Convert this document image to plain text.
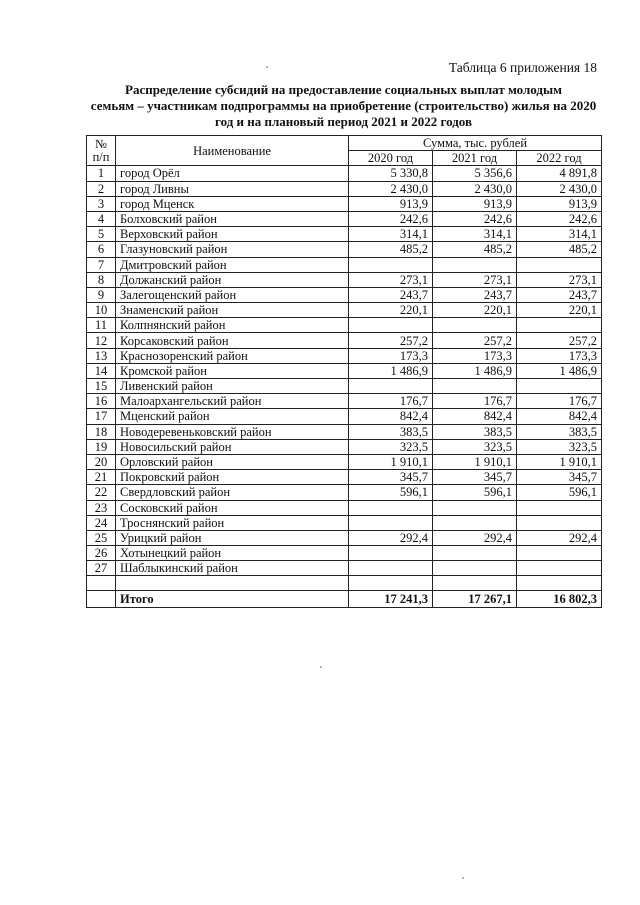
Таблица 6 приложения 18
Распределение субсидий на предоставление социальных выплат молодым
семьям – участникам подпрограммы на приобретение (строительство) жилья на 2020
год и на плановый период 2021 и 2022 годов
№
п/п	Наименование	Сумма, тыс. рублей		
		2020 год	2021 год	2022 год
1	город Орёл	5 330,8	5 356,6	4 891,8
2	город Ливны	2 430,0	2 430,0	2 430,0
3	город Мценск	913,9	913,9	913,9
4	Болховский район	242,6	242,6	242,6
5	Верховский район	314,1	314,1	314,1
6	Глазуновский район	485,2	485,2	485,2
7	Дмитровский район			
8	Должанский район	273,1	273,1	273,1
9	Залегощенский район	243,7	243,7	243,7
10	Знаменский район	220,1	220,1	220,1
11	Колпнянский район			
12	Корсаковский район	257,2	257,2	257,2
13	Краснозоренский район	173,3	173,3	173,3
14	Кромской район	1 486,9	1 486,9	1 486,9
15	Ливенский район			
16	Малоархангельский район	176,7	176,7	176,7
17	Мценский район	842,4	842,4	842,4
18	Новодеревеньковский район	383,5	383,5	383,5
19	Новосильский район	323,5	323,5	323,5
20	Орловский район	1 910,1	1 910,1	1 910,1
21	Покровский район	345,7	345,7	345,7
22	Свердловский район	596,1	596,1	596,1
23	Сосковский район			
24	Троснянский район			
25	Урицкий район	292,4	292,4	292,4
26	Хотынецкий район			
27	Шаблыкинский район			

	Итого	17 241,3	17 267,1	16 802,3
